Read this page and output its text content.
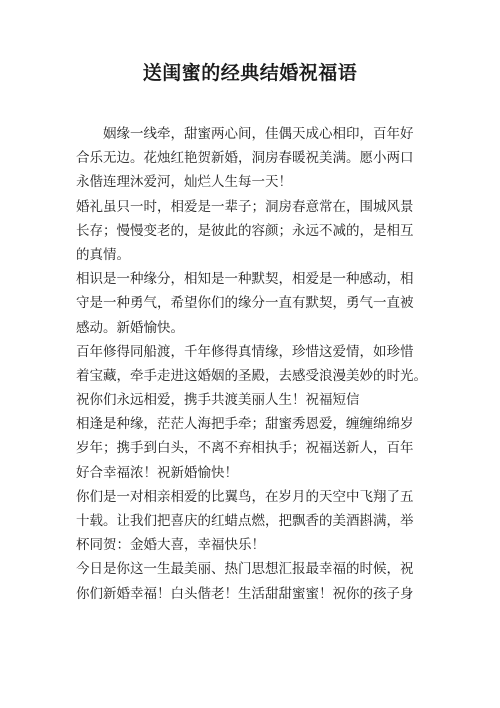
送闺蜜的经典结婚祝福语

姻缘一线牵，甜蜜两心间，佳偶天成心相印，百年好
合乐无边。花烛红艳贺新婚，洞房春暖祝美满。愿小两口
永偕连理沐爱河，灿烂人生每一天！

婚礼虽只一时，相爱是一辈子；洞房春意常在，围城风景
长存；慢慢变老的，是彼此的容颜；永远不减的，是相互
的真情。

相识是一种缘分，相知是一种默契，相爱是一种感动，相
守是一种勇气，希望你们的缘分一直有默契，勇气一直被
感动。新婚愉快。

百年修得同船渡，千年修得真情缘，珍惜这爱情，如珍惜
着宝藏，牵手走进这婚姻的圣殿，去感受浪漫美妙的时光。

祝你们永远相爱，携手共渡美丽人生！祝福短信

相逢是种缘，茫茫人海把手牵；甜蜜秀恩爱，缠缠绵绵岁
岁年；携手到白头，不离不弃相执手；祝福送新人，百年
好合幸福浓！祝新婚愉快！

你们是一对相亲相爱的比翼鸟，在岁月的天空中飞翔了五
十载。让我们把喜庆的红蜡点燃，把飘香的美酒斟满，举
杯同贺：金婚大喜，幸福快乐！

今日是你这一生最美丽、热门思想汇报最幸福的时候，祝
你们新婚幸福！白头偕老！生活甜甜蜜蜜！祝你的孩子身
